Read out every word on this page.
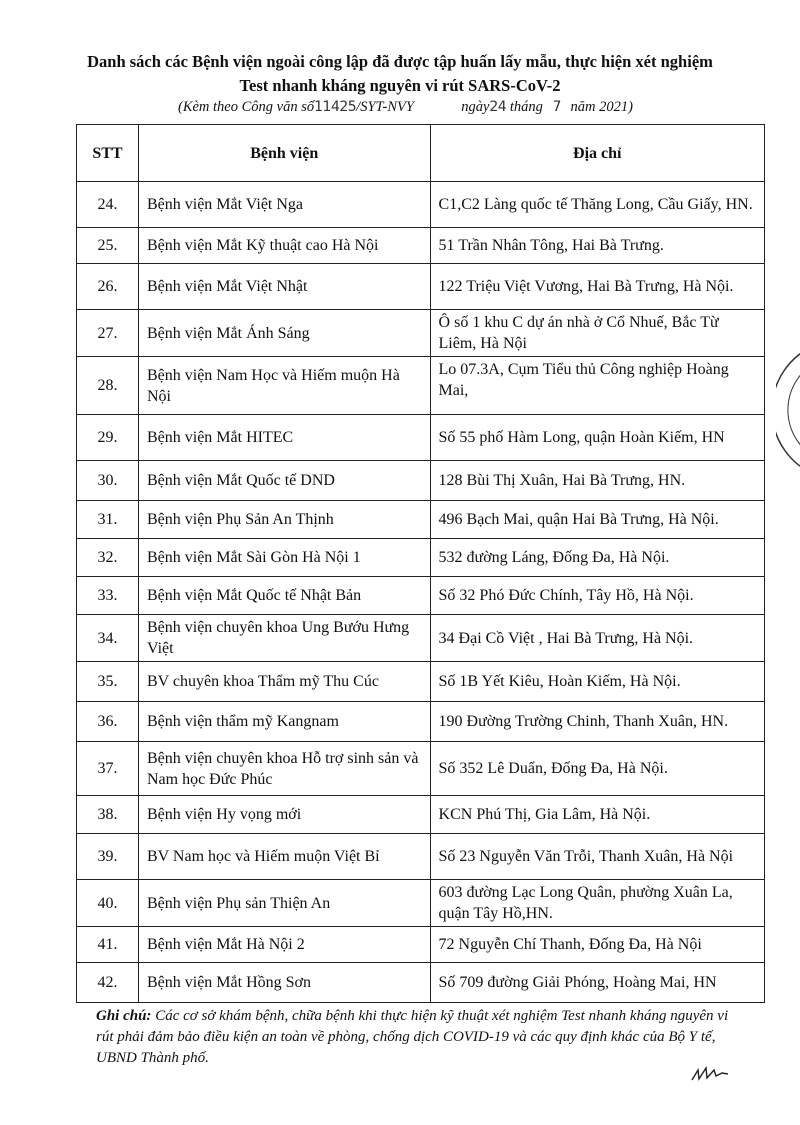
Danh sách các Bệnh viện ngoài công lập đã được tập huấn lấy mẫu, thực hiện xét nghiệm
Test nhanh kháng nguyên vi rút SARS-CoV-2
(Kèm theo Công văn số11425/SYT-NVY	ngày24 tháng 7 năm 2021)
STT	Bệnh viện	Địa chỉ
24.	Bệnh viện Mắt Việt Nga	C1,C2 Làng quốc tế Thăng Long, Cầu Giấy, HN.
25.	Bệnh viện Mắt Kỹ thuật cao Hà Nội	51 Trần Nhân Tông, Hai Bà Trưng.
26.	Bệnh viện Mắt Việt Nhật	122 Triệu Việt Vương, Hai Bà Trưng, Hà Nội.
27.	Bệnh viện Mắt Ánh Sáng	Ô số 1 khu C dự án nhà ở Cổ Nhuế, Bắc Từ Liêm, Hà Nội
28.	Bệnh viện Nam Học và Hiếm muộn Hà Nội	Lo 07.3A, Cụm Tiểu thủ Công nghiệp Hoàng Mai,
29.	Bệnh viện Mắt HITEC	Số 55 phố Hàm Long, quận Hoàn Kiếm, HN
30.	Bệnh viện Mắt Quốc tế DND	128 Bùi Thị Xuân, Hai Bà Trưng, HN.
31.	Bệnh viện Phụ Sản An Thịnh	496 Bạch Mai, quận Hai Bà Trưng, Hà Nội.
32.	Bệnh viện Mắt Sài Gòn Hà Nội 1	532 đường Láng, Đống Đa, Hà Nội.
33.	Bệnh viện Mắt Quốc tế Nhật Bản	Số 32 Phó Đức Chính, Tây Hồ, Hà Nội.
34.	Bệnh viện chuyên khoa Ung Bướu Hưng Việt	34 Đại Cồ Việt , Hai Bà Trưng, Hà Nội.
35.	BV chuyên khoa Thẩm mỹ Thu Cúc	Số 1B Yết Kiêu, Hoàn Kiếm, Hà Nội.
36.	Bệnh viện thẩm mỹ Kangnam	190 Đường Trường Chinh, Thanh Xuân, HN.
37.	Bệnh viện chuyên khoa Hỗ trợ sinh sản và Nam học Đức Phúc	Số 352 Lê Duẩn, Đống Đa, Hà Nội.
38.	Bệnh viện Hy vọng mới	KCN Phú Thị, Gia Lâm, Hà Nội.
39.	BV Nam học và Hiếm muộn Việt Bỉ	Số 23 Nguyễn Văn Trỗi, Thanh Xuân, Hà Nội
40.	Bệnh viện Phụ sản Thiện An	603 đường Lạc Long Quân, phường Xuân La, quận Tây Hồ,HN.
41.	Bệnh viện Mắt Hà Nội 2	72 Nguyễn Chí Thanh, Đống Đa, Hà Nội
42.	Bệnh viện Mắt Hồng Sơn	Số 709 đường Giải Phóng, Hoàng Mai, HN
Ghi chú: Các cơ sở khám bệnh, chữa bệnh khi thực hiện kỹ thuật xét nghiệm Test nhanh kháng nguyên vi rút phải đảm bảo điều kiện an toàn về phòng, chống dịch COVID-19 và các quy định khác của Bộ Y tế, UBND Thành phố.
